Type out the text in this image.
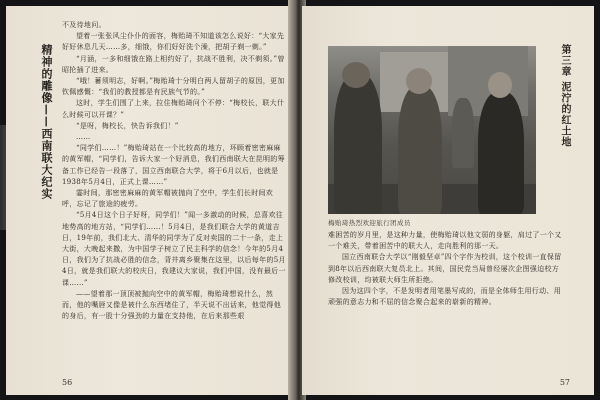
精神的雕像——西南联大纪实

不及待地问。

望着一张张风尘仆仆的面容，梅贻琦不知道该怎么说好：“大家先好好休息几天……多，细饿，你们好好洗个澡，把胡子剃一剃。”

“月涵，一多和细饿在路上相约好了，抗战不胜利，决不剃须。”曾昭抡插了进来。

“哦！蓄须明志，好啊。”梅贻琦十分明白两人留胡子的原因，更加钦佩感慨：“我们的教授都是有民族气节的。”

这时，学生们围了上来，拉住梅贻琦问个不停：“梅校长，联大什么时候可以开课？”

“是呀，梅校长，快告诉我们！”

……

“同学们……！”梅贻琦站在一个比较高的地方，环顾着密密麻麻的黄军帽，“同学们，告诉大家一个好消息，我们西南联大在昆明的筹备工作已经告一段落了，国立西南联合大学，将于6月以后，也就是1938年5月4日，正式上课……”

霎时间，那密密麻麻的黄军帽被抛向了空中，学生们长时间欢呼，忘记了旅途的疲劳。

“5月4日这个日子好呀，同学们！”闻一多激动的时候，总喜欢往地势高的地方站，“同学们……！5月4日，是我们联合大学的黄道吉日，19年前，我们北大、清华的同学为了反对卖国的二十一条，走上大街，大晚起来撒，为中国学子树立了民主科学的信念！今年的5月4日，我们为了抗战必胜的信念，背井离乡聚集在这里，以后每年的5月4日，就是我们联大的校庆日，我建议大家说，我们中国，没有最后一课……”

——望着那一顶顶被抛向空中的黄军帽，梅贻琦想说什么，然而，他的嘴唇又像是被什么东西堵住了，半天说不出话来，他觉得他的身后，有一股十分强劲的力量在支持他，在后来那些艰

56
梅贻琦热烈欢迎旅行团成员
第三章 泥泞的红土地

难困苦的岁月里，是这种力量，使梅贻琦以他文弱的身躯，肩过了一个又一个难关，带着困苦中的联大人，走向胜利的那一天。

国立西南联合大学以“刚毅坚卓”四个字作为校训，这个校训一直保留到8年以后西南联大复员北上。其间，国民党当局曾经屡次企图强迫校方修改校训，均被联大师生所拒绝。

因为这四个字，不是发明者用笔墨写成的，而是全体师生用行动、用顽强的意志力和不屈的信念聚合起来的崭新的精神。

57
